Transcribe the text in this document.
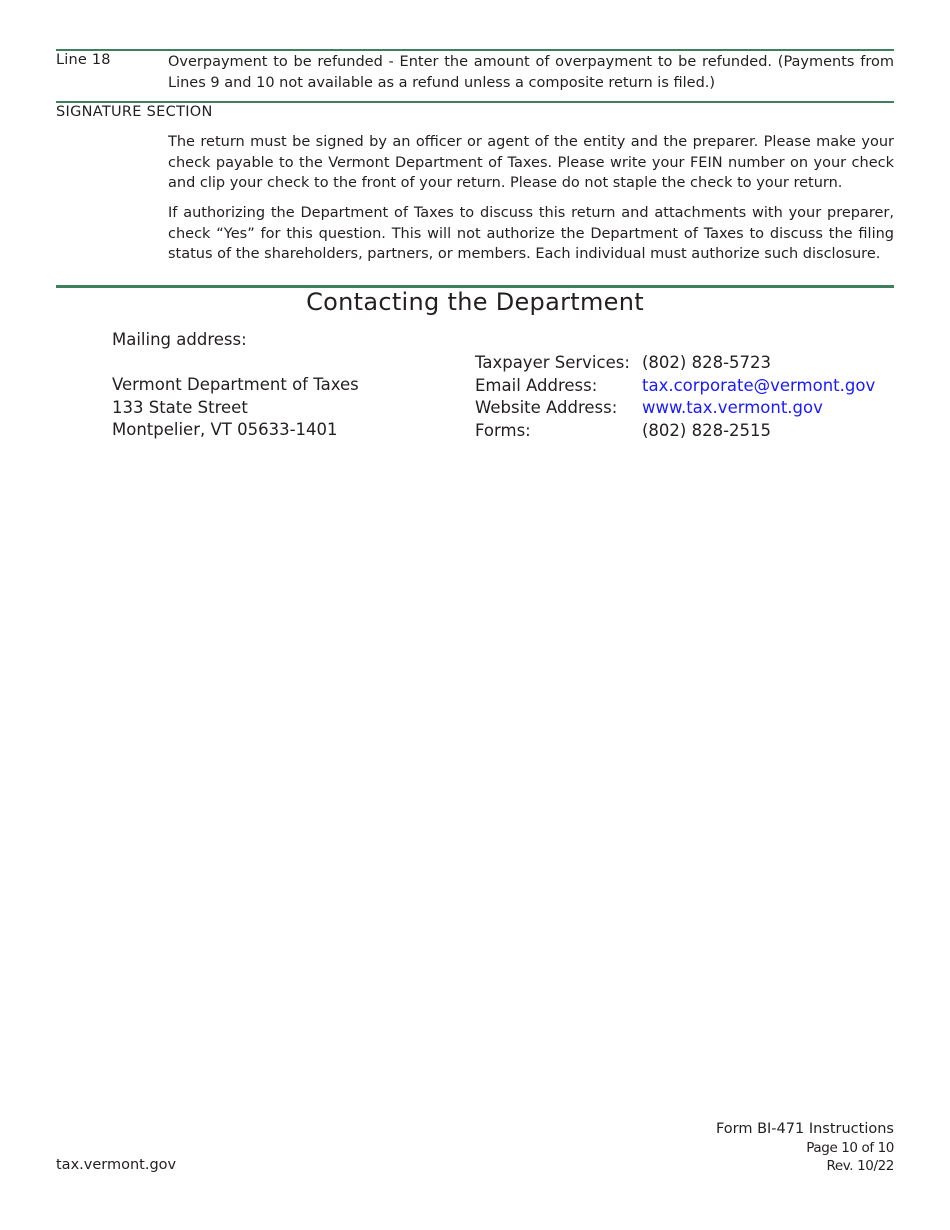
Line 18	Overpayment to be refunded - Enter the amount of overpayment to be refunded. (Payments from Lines 9 and 10 not available as a refund unless a composite return is filed.)
SIGNATURE SECTION

The return must be signed by an officer or agent of the entity and the preparer. Please make your check payable to the Vermont Department of Taxes. Please write your FEIN number on your check and clip your check to the front of your return. Please do not staple the check to your return.

If authorizing the Department of Taxes to discuss this return and attachments with your preparer, check “Yes” for this question. This will not authorize the Department of Taxes to discuss the filing status of the shareholders, partners, or members. Each individual must authorize such disclosure.

Contacting the Department
Mailing address:
Vermont Department of Taxes
133 State Street
Montpelier, VT 05633-1401
Taxpayer Services: (802) 828-5723
Email Address:	tax.corporate@vermont.gov
Website Address:	www.tax.vermont.gov
Forms:	(802) 828-2515
tax.vermont.gov
Form BI-471 Instructions
Page 10 of 10
Rev. 10/22
